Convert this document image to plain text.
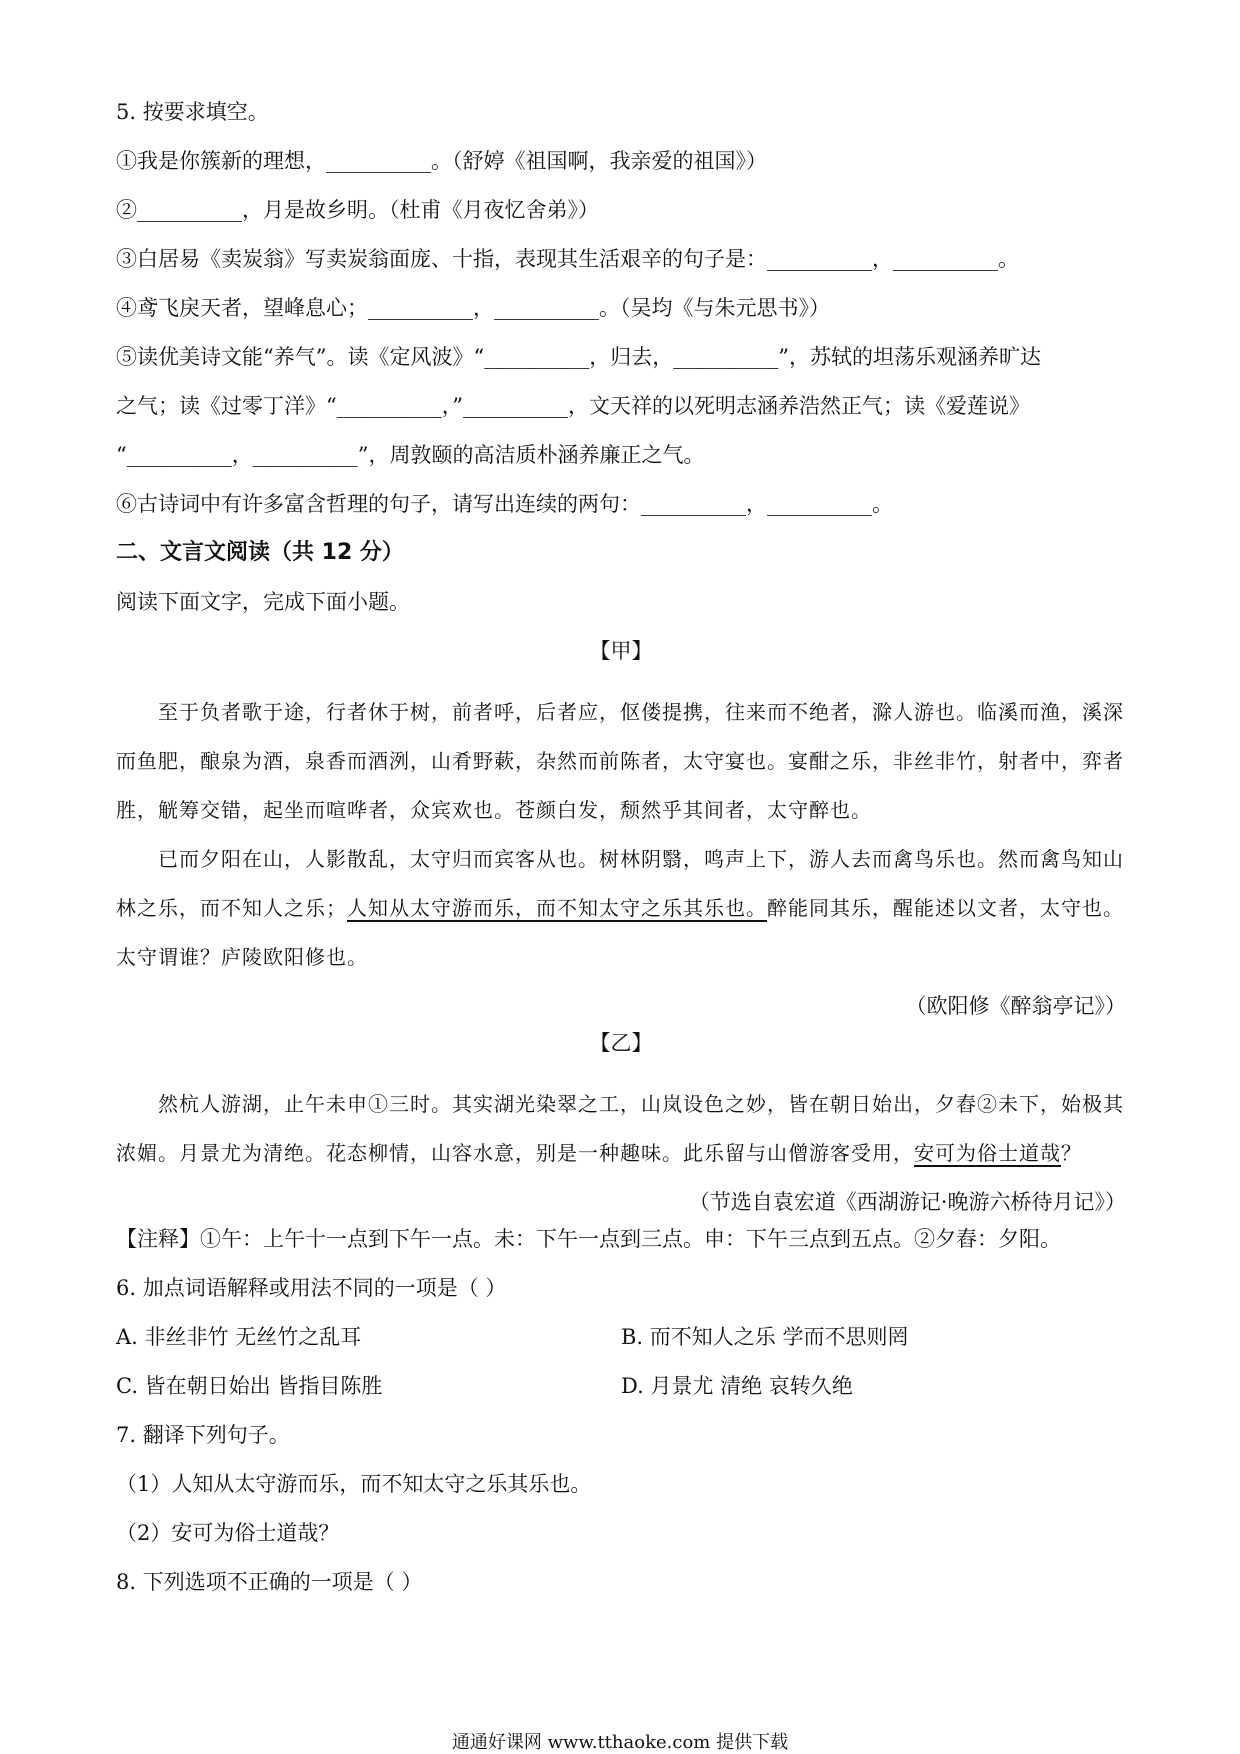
5. 按要求填空。

①我是你簇新的理想，__________。（舒婷《祖国啊，我亲爱的祖国》）

②__________，月是故乡明。（杜甫《月夜忆舍弟》）

③白居易《卖炭翁》写卖炭翁面庞、十指，表现其生活艰辛的句子是：__________，__________。

④鸢飞戾天者，望峰息心；__________，__________。（吴均《与朱元思书》）

⑤读优美诗文能“养气”。读《定风波》“__________，归去，__________”，苏轼的坦荡乐观涵养旷达

之气；读《过零丁洋》“__________，”__________，文天祥的以死明志涵养浩然正气；读《爱莲说》

“__________，__________”，周敦颐的高洁质朴涵养廉正之气。

⑥古诗词中有许多富含哲理的句子，请写出连续的两句：__________，__________。

二、文言文阅读（共 12 分）

阅读下面文字，完成下面小题。

【甲】

至于负者歌于途，行者休于树，前者呼，后者应，伛偻提携，往来而不绝者，滁人游也。临溪而渔，溪深而鱼肥，酿泉为酒，泉香而酒洌，山肴野蔌，杂然而前陈者，太守宴也。宴酣之乐，非丝非竹，射者中，弈者胜，觥筹交错，起坐而喧哗者，众宾欢也。苍颜白发，颓然乎其间者，太守醉也。

已而夕阳在山，人影散乱，太守归而宾客从也。树林阴翳，鸣声上下，游人去而禽鸟乐也。然而禽鸟知山林之乐，而不知人之乐；人知从太守游而乐，而不知太守之乐其乐也。醉能同其乐，醒能述以文者，太守也。太守谓谁？庐陵欧阳修也。

（欧阳修《醉翁亭记》）

【乙】

然杭人游湖，止午未申①三时。其实湖光染翠之工，山岚设色之妙，皆在朝日始出，夕舂②未下，始极其浓媚。月景尤为清绝。花态柳情，山容水意，别是一种趣味。此乐留与山僧游客受用，安可为俗士道哉？

（节选自袁宏道《西湖游记·晚游六桥待月记》）

【注释】①午：上午十一点到下午一点。未：下午一点到三点。申：下午三点到五点。②夕舂：夕阳。

6. 加点词语解释或用法不同的一项是（ ）

A. 非丝非竹 无丝竹之乱耳	B. 而不知人之乐 学而不思则罔
C. 皆在朝日始出 皆指目陈胜	D. 月景尤 清绝 哀转久绝

7. 翻译下列句子。

（1）人知从太守游而乐，而不知太守之乐其乐也。

（2）安可为俗士道哉？

8. 下列选项不正确的一项是（ ）

通通好课网 www.tthaoke.com 提供下载
